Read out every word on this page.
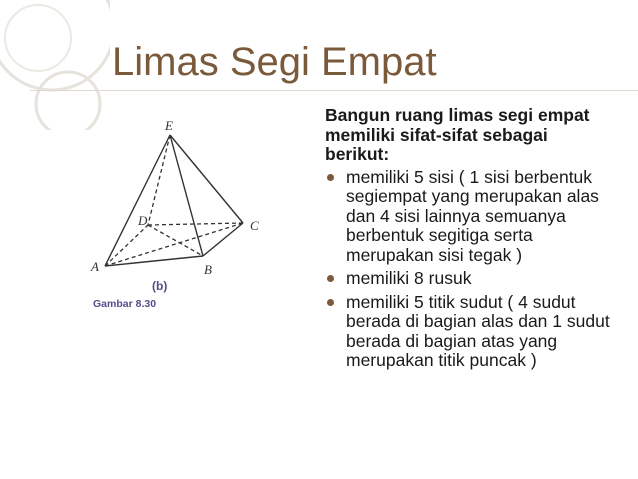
Limas Segi Empat
E
D	C
A	B
(b)
Gambar 8.30

Bangun ruang limas segi empat memiliki sifat-sifat sebagai berikut:

memiliki 5 sisi ( 1 sisi berbentuk segiempat yang merupakan alas dan 4 sisi lainnya semuanya berbentuk segitiga serta merupakan sisi tegak )
memiliki 8 rusuk
memiliki 5 titik sudut ( 4 sudut berada di bagian alas dan 1 sudut berada di bagian atas yang merupakan titik puncak )
